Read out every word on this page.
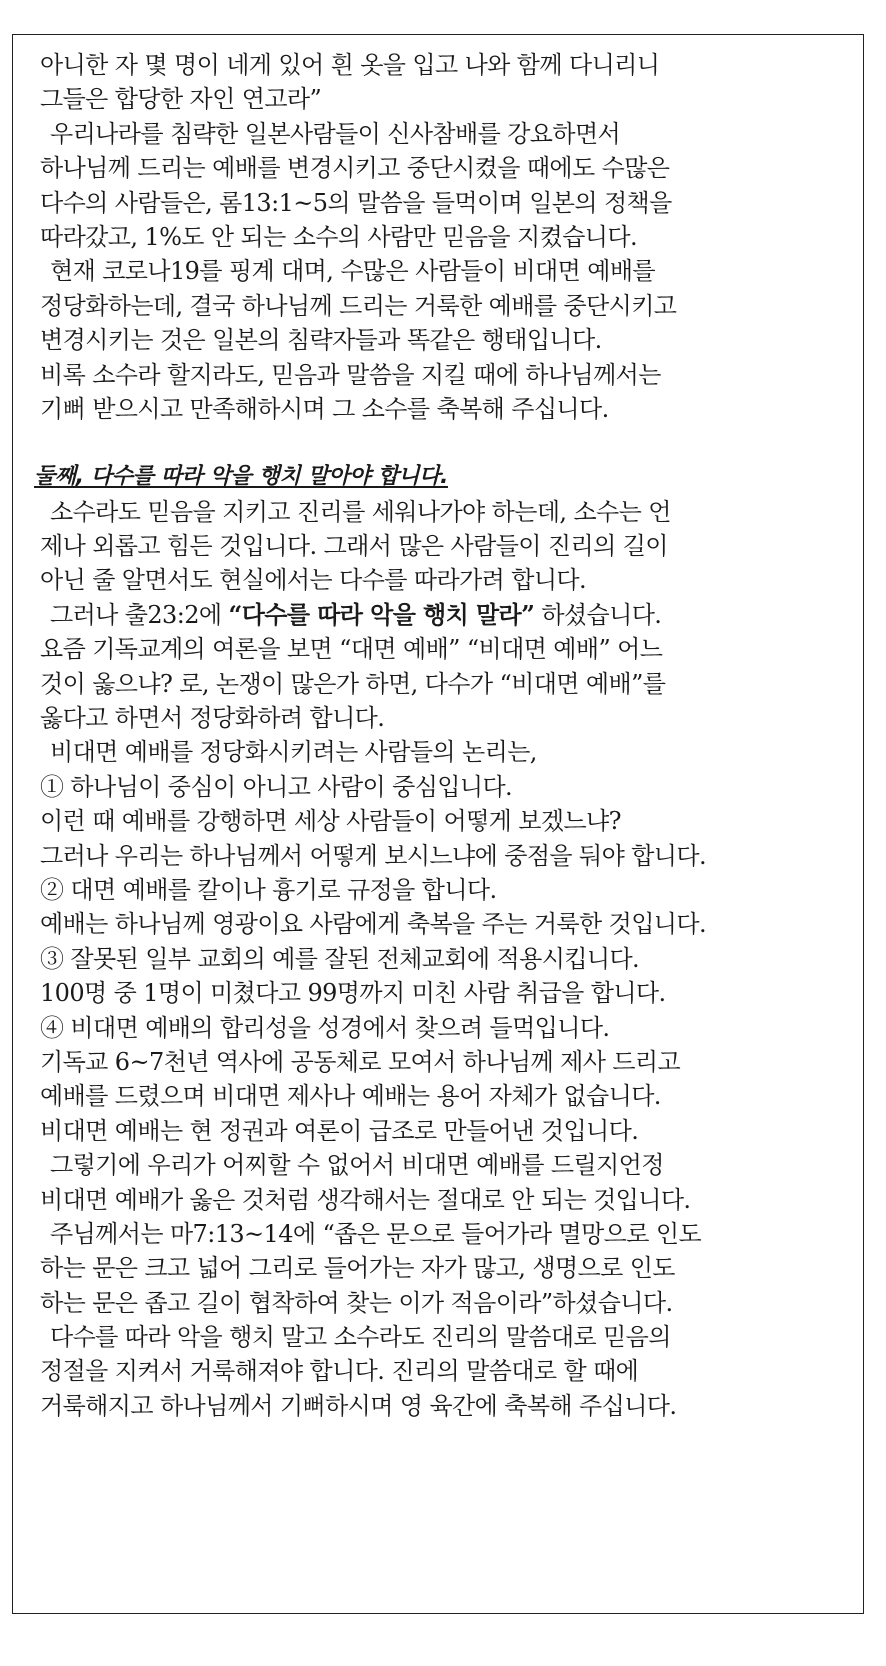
아니한 자 몇 명이 네게 있어 흰 옷을 입고 나와 함께 다니리니
그들은 합당한 자인 연고라”
우리나라를 침략한 일본사람들이 신사참배를 강요하면서
하나님께 드리는 예배를 변경시키고 중단시켰을 때에도 수많은
다수의 사람들은, 롬13:1~5의 말씀을 들먹이며 일본의 정책을
따라갔고, 1%도 안 되는 소수의 사람만 믿음을 지켰습니다.
현재 코로나19를 핑계 대며, 수많은 사람들이 비대면 예배를
정당화하는데, 결국 하나님께 드리는 거룩한 예배를 중단시키고
변경시키는 것은 일본의 침략자들과 똑같은 행태입니다.
비록 소수라 할지라도, 믿음과 말씀을 지킬 때에 하나님께서는
기뻐 받으시고 만족해하시며 그 소수를 축복해 주십니다.
둘째, 다수를 따라 악을 행치 말아야 합니다.
소수라도 믿음을 지키고 진리를 세워나가야 하는데, 소수는 언
제나 외롭고 힘든 것입니다. 그래서 많은 사람들이 진리의 길이
아닌 줄 알면서도 현실에서는 다수를 따라가려 합니다.
그러나 출23:2에 “다수를 따라 악을 행치 말라” 하셨습니다.
요즘 기독교계의 여론을 보면 “대면 예배” “비대면 예배” 어느
것이 옳으냐? 로, 논쟁이 많은가 하면, 다수가 “비대면 예배”를
옳다고 하면서 정당화하려 합니다.
비대면 예배를 정당화시키려는 사람들의 논리는,
① 하나님이 중심이 아니고 사람이 중심입니다.
이런 때 예배를 강행하면 세상 사람들이 어떻게 보겠느냐?
그러나 우리는 하나님께서 어떻게 보시느냐에 중점을 둬야 합니다.
② 대면 예배를 칼이나 흉기로 규정을 합니다.
예배는 하나님께 영광이요 사람에게 축복을 주는 거룩한 것입니다.
③ 잘못된 일부 교회의 예를 잘된 전체교회에 적용시킵니다.
100명 중 1명이 미쳤다고 99명까지 미친 사람 취급을 합니다.
④ 비대면 예배의 합리성을 성경에서 찾으려 들먹입니다.
기독교 6~7천년 역사에 공동체로 모여서 하나님께 제사 드리고
예배를 드렸으며 비대면 제사나 예배는 용어 자체가 없습니다.
비대면 예배는 현 정권과 여론이 급조로 만들어낸 것입니다.
그렇기에 우리가 어찌할 수 없어서 비대면 예배를 드릴지언정
비대면 예배가 옳은 것처럼 생각해서는 절대로 안 되는 것입니다.
주님께서는 마7:13~14에 “좁은 문으로 들어가라 멸망으로 인도
하는 문은 크고 넓어 그리로 들어가는 자가 많고, 생명으로 인도
하는 문은 좁고 길이 협착하여 찾는 이가 적음이라”하셨습니다.
다수를 따라 악을 행치 말고 소수라도 진리의 말씀대로 믿음의
정절을 지켜서 거룩해져야 합니다. 진리의 말씀대로 할 때에
거룩해지고 하나님께서 기뻐하시며 영 육간에 축복해 주십니다.
